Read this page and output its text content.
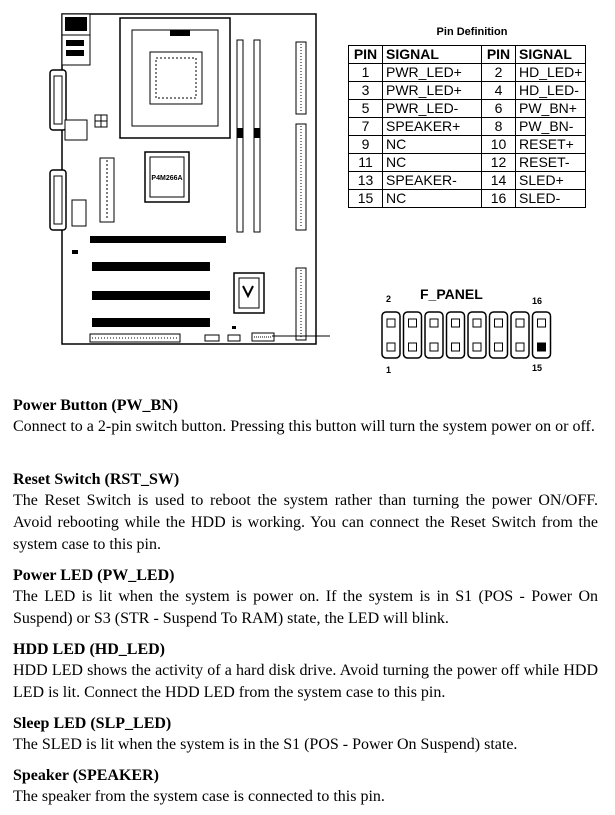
P4M266A
Pin Definition
PIN	SIGNAL	PIN	SIGNAL
1	PWR_LED+	2	HD_LED+
3	PWR_LED+	4	HD_LED-
5	PWR_LED-	6	PW_BN+
7	SPEAKER+	8	PW_BN-
9	NC	10	RESET+
11	NC	12	RESET-
13	SPEAKER-	14	SLED+
15	NC	16	SLED-
F_PANEL
2	16
1	15

Power Button (PW_BN)

Connect to a 2-pin switch button. Pressing this button will turn the system power on or off.

Reset Switch (RST_SW)

The Reset Switch is used to reboot the system rather than turning the power ON/OFF. Avoid rebooting while the HDD is working. You can connect the Reset Switch from the system case to this pin.

Power LED (PW_LED)

The LED is lit when the system is power on. If the system is in S1 (POS - Power On Suspend) or S3 (STR - Suspend To RAM) state, the LED will blink.

HDD LED (HD_LED)

HDD LED shows the activity of a hard disk drive. Avoid turning the power off while HDD LED is lit. Connect the HDD LED from the system case to this pin.

Sleep LED (SLP_LED)

The SLED is lit when the system is in the S1 (POS - Power On Suspend) state.

Speaker (SPEAKER)

The speaker from the system case is connected to this pin.
